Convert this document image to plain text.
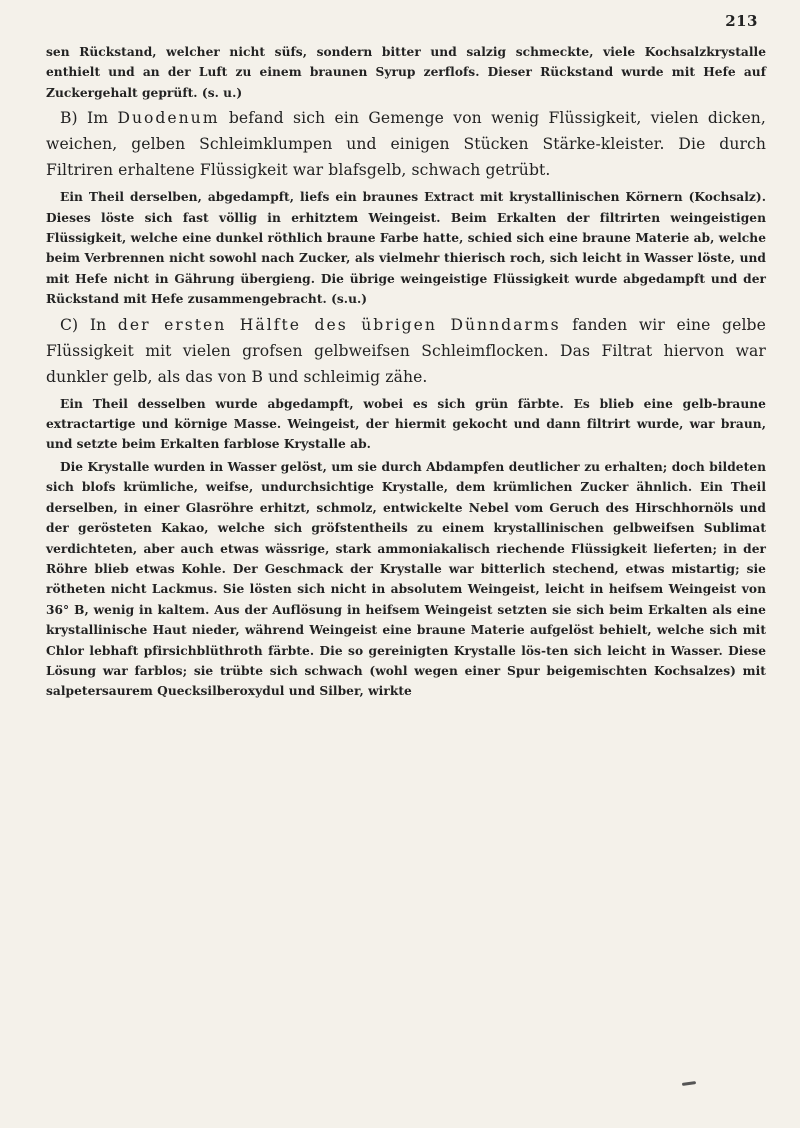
213

sen Rückstand, welcher nicht süfs, sondern bitter und salzig schmeckte, viele Kochsalzkrystalle enthielt und an der Luft zu einem braunen Syrup zerflofs. Dieser Rückstand wurde mit Hefe auf Zuckergehalt geprüft. (s. u.)

B) Im Duodenum befand sich ein Gemenge von wenig Flüssigkeit, vielen dicken, weichen, gelben Schleimklumpen und einigen Stücken Stärke-kleister. Die durch Filtriren erhaltene Flüssigkeit war blafsgelb, schwach getrübt.

Ein Theil derselben, abgedampft, liefs ein braunes Extract mit krystallinischen Körnern (Kochsalz). Dieses löste sich fast völlig in erhitztem Weingeist. Beim Erkalten der filtrirten weingeistigen Flüssigkeit, welche eine dunkel röthlich braune Farbe hatte, schied sich eine braune Materie ab, welche beim Verbrennen nicht sowohl nach Zucker, als vielmehr thierisch roch, sich leicht in Wasser löste, und mit Hefe nicht in Gährung übergieng. Die übrige weingeistige Flüssigkeit wurde abgedampft und der Rückstand mit Hefe zusammengebracht. (s.u.)

C) In der ersten Hälfte des übrigen Dünndarms fanden wir eine gelbe Flüssigkeit mit vielen grofsen gelbweifsen Schleimflocken. Das Filtrat hiervon war dunkler gelb, als das von B und schleimig zähe.

Ein Theil desselben wurde abgedampft, wobei es sich grün färbte. Es blieb eine gelb-braune extractartige und körnige Masse. Weingeist, der hiermit gekocht und dann filtrirt wurde, war braun, und setzte beim Erkalten farblose Krystalle ab.

Die Krystalle wurden in Wasser gelöst, um sie durch Abdampfen deutlicher zu erhalten; doch bildeten sich blofs krümliche, weifse, undurchsichtige Krystalle, dem krümlichen Zucker ähnlich. Ein Theil derselben, in einer Glasröhre erhitzt, schmolz, entwickelte Nebel vom Geruch des Hirschhornöls und der gerösteten Kakao, welche sich gröfstentheils zu einem krystallinischen gelbweifsen Sublimat verdichteten, aber auch etwas wässrige, stark ammoniakalisch riechende Flüssigkeit lieferten; in der Röhre blieb etwas Kohle. Der Geschmack der Krystalle war bitterlich stechend, etwas mistartig; sie rötheten nicht Lackmus. Sie lösten sich nicht in absolutem Weingeist, leicht in heifsem Weingeist von 36° B, wenig in kaltem. Aus der Auflösung in heifsem Weingeist setzten sie sich beim Erkalten als eine krystallinische Haut nieder, während Weingeist eine braune Materie aufgelöst behielt, welche sich mit Chlor lebhaft pfirsichblüthroth färbte. Die so gereinigten Krystalle lös-ten sich leicht in Wasser. Diese Lösung war farblos; sie trübte sich schwach (wohl wegen einer Spur beigemischten Kochsalzes) mit salpetersaurem Quecksilberoxydul und Silber, wirkte
